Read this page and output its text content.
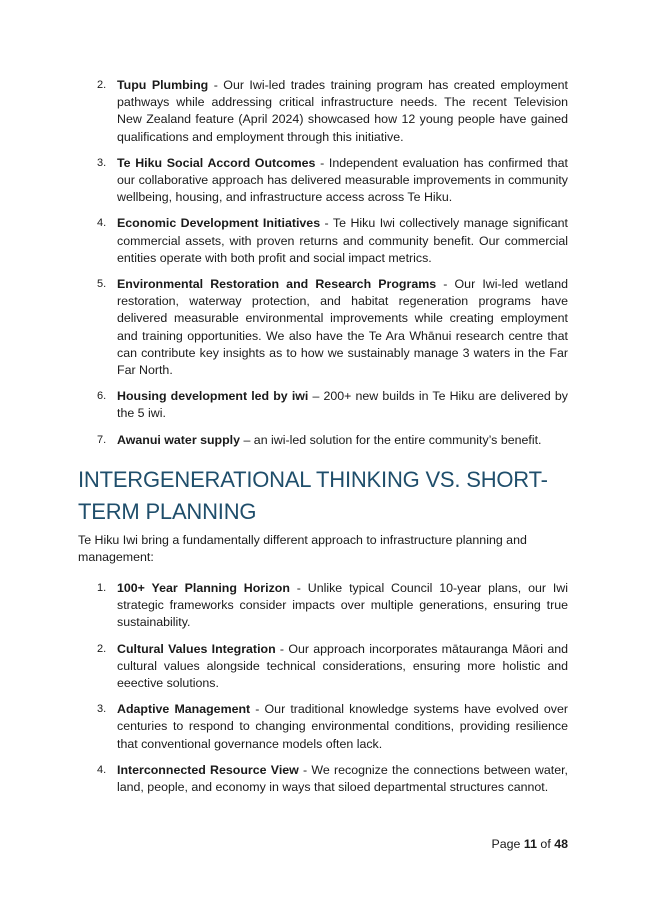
2. Tupu Plumbing - Our Iwi-led trades training program has created employment pathways while addressing critical infrastructure needs. The recent Television New Zealand feature (April 2024) showcased how 12 young people have gained qualifications and employment through this initiative.
3. Te Hiku Social Accord Outcomes - Independent evaluation has confirmed that our collaborative approach has delivered measurable improvements in community wellbeing, housing, and infrastructure access across Te Hiku.
4. Economic Development Initiatives - Te Hiku Iwi collectively manage significant commercial assets, with proven returns and community benefit. Our commercial entities operate with both profit and social impact metrics.
5. Environmental Restoration and Research Programs - Our Iwi-led wetland restoration, waterway protection, and habitat regeneration programs have delivered measurable environmental improvements while creating employment and training opportunities. We also have the Te Ara Whānui research centre that can contribute key insights as to how we sustainably manage 3 waters in the Far Far North.
6. Housing development led by iwi – 200+ new builds in Te Hiku are delivered by the 5 iwi.
7. Awanui water supply – an iwi-led solution for the entire community’s benefit.
INTERGENERATIONAL THINKING VS. SHORT-TERM PLANNING

Te Hiku Iwi bring a fundamentally different approach to infrastructure planning and management:

1. 100+ Year Planning Horizon - Unlike typical Council 10-year plans, our Iwi strategic frameworks consider impacts over multiple generations, ensuring true sustainability.
2. Cultural Values Integration - Our approach incorporates mātauranga Māori and cultural values alongside technical considerations, ensuring more holistic and eeective solutions.
3. Adaptive Management - Our traditional knowledge systems have evolved over centuries to respond to changing environmental conditions, providing resilience that conventional governance models often lack.
4. Interconnected Resource View - We recognize the connections between water, land, people, and economy in ways that siloed departmental structures cannot.
Page 11 of 48
